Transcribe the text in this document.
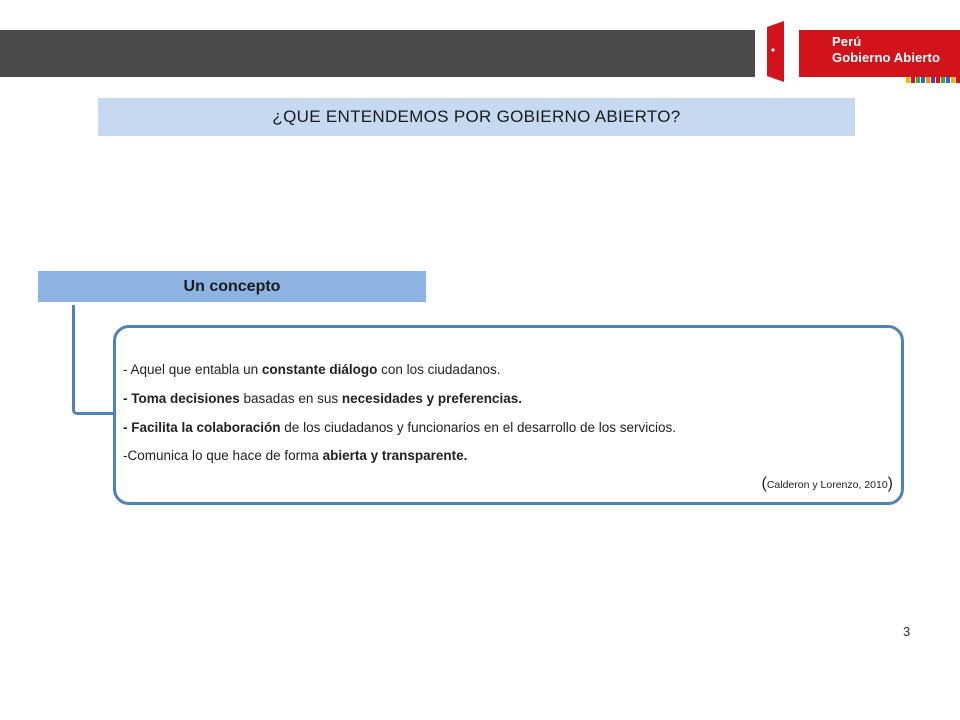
Perú
Gobierno Abierto
¿QUE ENTENDEMOS POR GOBIERNO ABIERTO?
Un concepto
- Aquel que entabla un constante diálogo con los ciudadanos.
- Toma decisiones basadas en sus necesidades y preferencias.
- Facilita la colaboración de los ciudadanos y funcionarios en el desarrollo de los servicios.
-Comunica lo que hace de forma abierta y transparente.
(Calderon y Lorenzo, 2010)
3
